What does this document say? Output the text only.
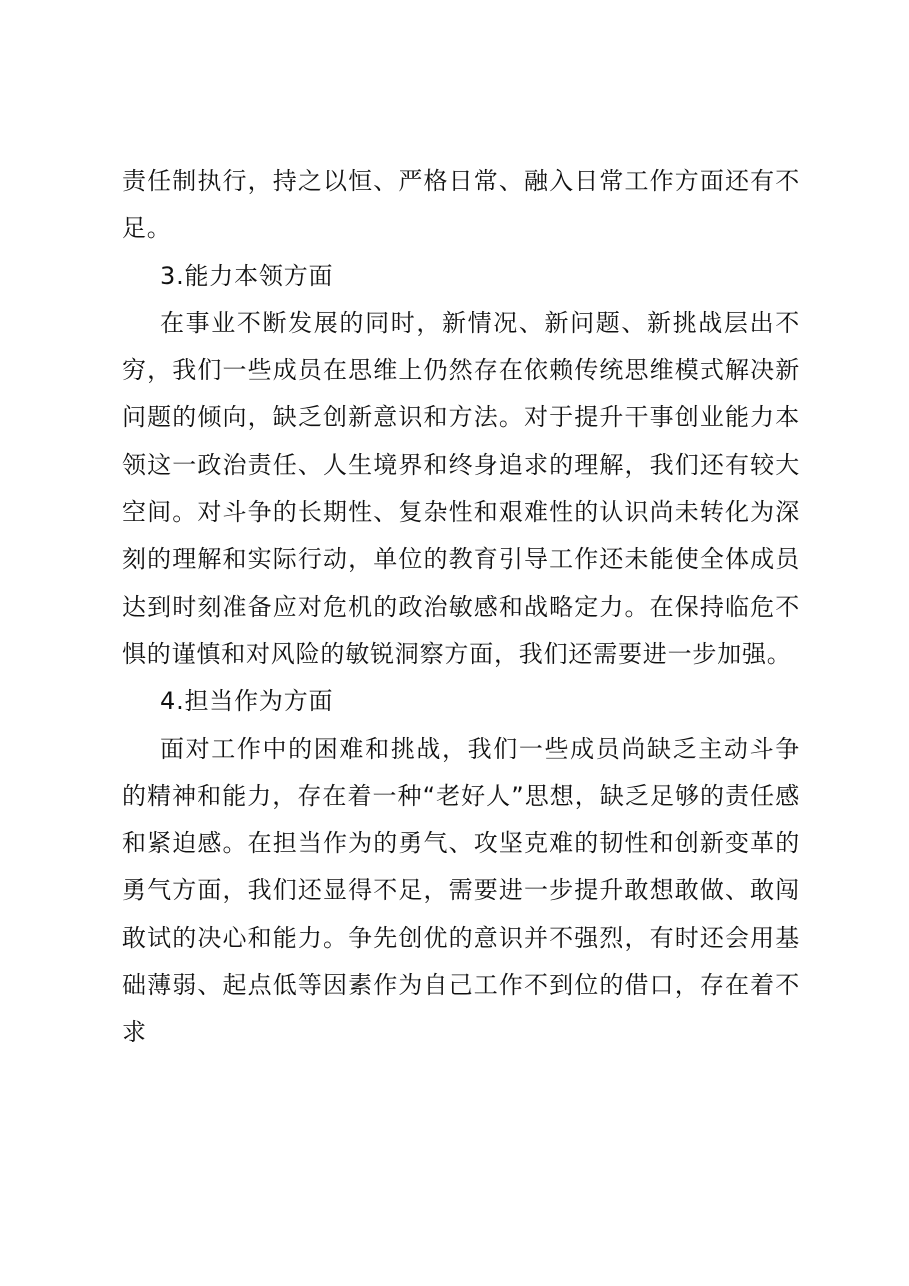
责任制执行，持之以恒、严格日常、融入日常工作方面还有不足。

3.能力本领方面

在事业不断发展的同时，新情况、新问题、新挑战层出不穷，我们一些成员在思维上仍然存在依赖传统思维模式解决新问题的倾向，缺乏创新意识和方法。对于提升干事创业能力本领这一政治责任、人生境界和终身追求的理解，我们还有较大空间。对斗争的长期性、复杂性和艰难性的认识尚未转化为深刻的理解和实际行动，单位的教育引导工作还未能使全体成员达到时刻准备应对危机的政治敏感和战略定力。在保持临危不惧的谨慎和对风险的敏锐洞察方面，我们还需要进一步加强。

4.担当作为方面

面对工作中的困难和挑战，我们一些成员尚缺乏主动斗争的精神和能力，存在着一种“老好人”思想，缺乏足够的责任感和紧迫感。在担当作为的勇气、攻坚克难的韧性和创新变革的勇气方面，我们还显得不足，需要进一步提升敢想敢做、敢闯敢试的决心和能力。争先创优的意识并不强烈，有时还会用基础薄弱、起点低等因素作为自己工作不到位的借口，存在着不求
